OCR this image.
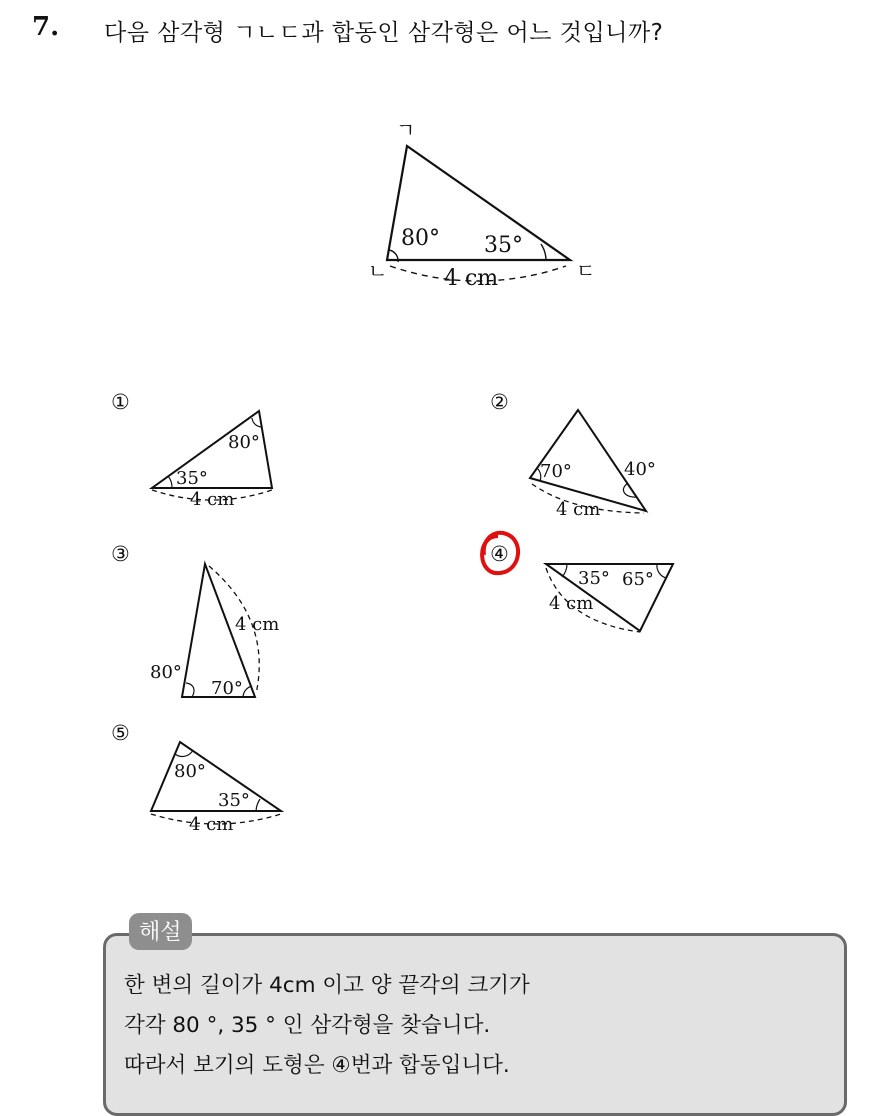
7. 다음 삼각형 ㄱㄴㄷ과 합동인 삼각형은 어느 것입니까?
ㄱ
ㄴ	ㄷ
80° 35°
4 cm
①
35°
80°
4 cm
②
70°	40°
4 cm
③
80°
70°
4 cm
④
35° 65°
4 cm
⑤
80°
35°
4 cm
해설
한 변의 길이가 4cm 이고 양 끝각의 크기가
각각 80 °, 35 ° 인 삼각형을 찾습니다.
따라서 보기의 도형은 ④번과 합동입니다.
